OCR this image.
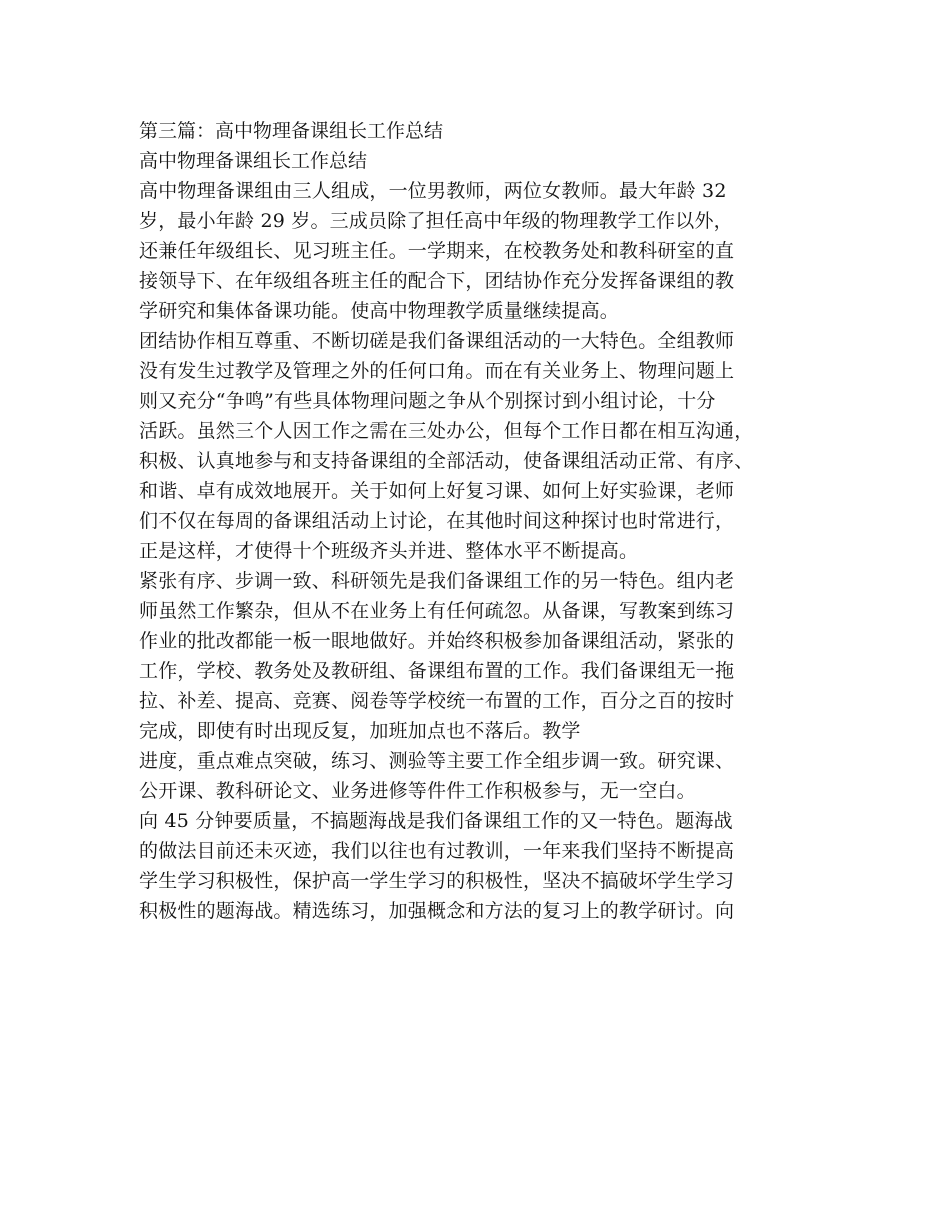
第三篇：高中物理备课组长工作总结
高中物理备课组长工作总结
高中物理备课组由三人组成，一位男教师，两位女教师。最大年龄 32
岁，最小年龄 29 岁。三成员除了担任高中年级的物理教学工作以外，
还兼任年级组长、见习班主任。一学期来，在校教务处和教科研室的直
接领导下、在年级组各班主任的配合下，团结协作充分发挥备课组的教
学研究和集体备课功能。使高中物理教学质量继续提高。
团结协作相互尊重、不断切磋是我们备课组活动的一大特色。全组教师
没有发生过教学及管理之外的任何口角。而在有关业务上、物理问题上
则又充分“争鸣”有些具体物理问题之争从个别探讨到小组讨论，十分
活跃。虽然三个人因工作之需在三处办公，但每个工作日都在相互沟通，
积极、认真地参与和支持备课组的全部活动，使备课组活动正常、有序、
和谐、卓有成效地展开。关于如何上好复习课、如何上好实验课，老师
们不仅在每周的备课组活动上讨论，在其他时间这种探讨也时常进行，
正是这样，才使得十个班级齐头并进、整体水平不断提高。
紧张有序、步调一致、科研领先是我们备课组工作的另一特色。组内老
师虽然工作繁杂，但从不在业务上有任何疏忽。从备课，写教案到练习
作业的批改都能一板一眼地做好。并始终积极参加备课组活动，紧张的
工作，学校、教务处及教研组、备课组布置的工作。我们备课组无一拖
拉、补差、提高、竞赛、阅卷等学校统一布置的工作，百分之百的按时
完成，即使有时出现反复，加班加点也不落后。教学
进度，重点难点突破，练习、测验等主要工作全组步调一致。研究课、
公开课、教科研论文、业务进修等件件工作积极参与，无一空白。
向 45 分钟要质量，不搞题海战是我们备课组工作的又一特色。题海战
的做法目前还未灭迹，我们以往也有过教训，一年来我们坚持不断提高
学生学习积极性，保护高一学生学习的积极性，坚决不搞破坏学生学习
积极性的题海战。精选练习，加强概念和方法的复习上的教学研讨。向
